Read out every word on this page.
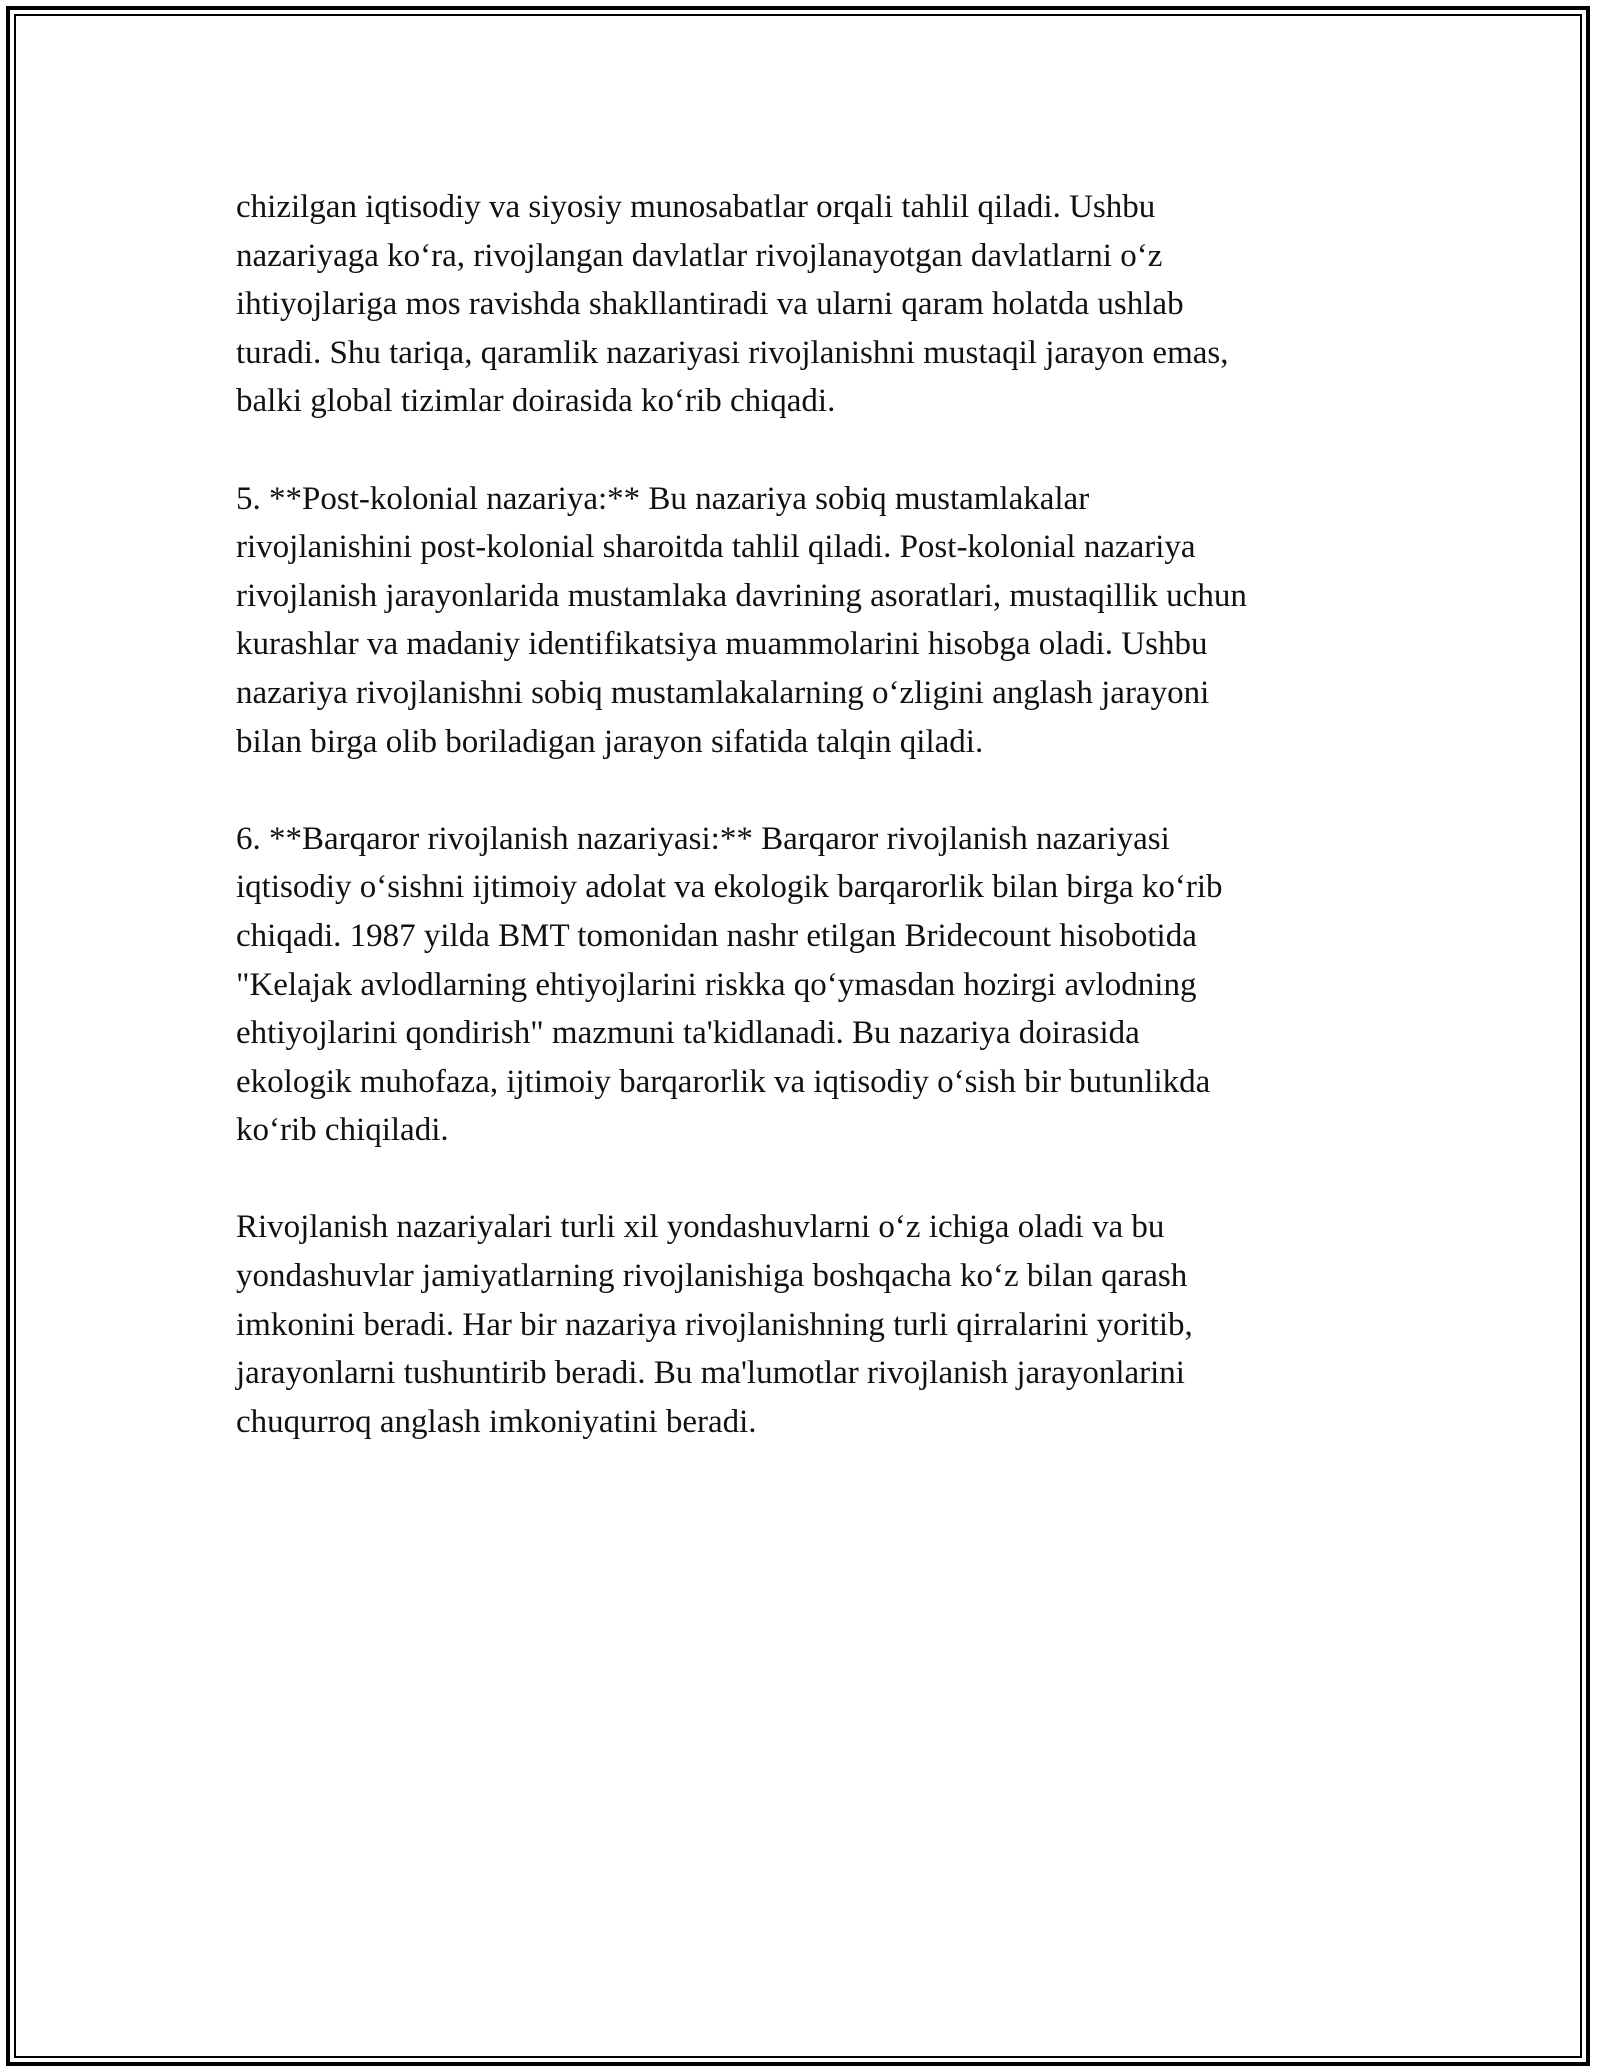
chizilgan iqtisodiy va siyosiy munosabatlar orqali tahlil qiladi. Ushbu
nazariyaga ko‘ra, rivojlangan davlatlar rivojlanayotgan davlatlarni o‘z
ihtiyojlariga mos ravishda shakllantiradi va ularni qaram holatda ushlab
turadi. Shu tariqa, qaramlik nazariyasi rivojlanishni mustaqil jarayon emas,
balki global tizimlar doirasida ko‘rib chiqadi.

5. **Post-kolonial nazariya:** Bu nazariya sobiq mustamlakalar
rivojlanishini post-kolonial sharoitda tahlil qiladi. Post-kolonial nazariya
rivojlanish jarayonlarida mustamlaka davrining asoratlari, mustaqillik uchun
kurashlar va madaniy identifikatsiya muammolarini hisobga oladi. Ushbu
nazariya rivojlanishni sobiq mustamlakalarning o‘zligini anglash jarayoni
bilan birga olib boriladigan jarayon sifatida talqin qiladi.

6. **Barqaror rivojlanish nazariyasi:** Barqaror rivojlanish nazariyasi
iqtisodiy o‘sishni ijtimoiy adolat va ekologik barqarorlik bilan birga ko‘rib
chiqadi. 1987 yilda BMT tomonidan nashr etilgan Bridecount hisobotida
"Kelajak avlodlarning ehtiyojlarini riskka qo‘ymasdan hozirgi avlodning
ehtiyojlarini qondirish" mazmuni ta'kidlanadi. Bu nazariya doirasida
ekologik muhofaza, ijtimoiy barqarorlik va iqtisodiy o‘sish bir butunlikda
ko‘rib chiqiladi.

Rivojlanish nazariyalari turli xil yondashuvlarni o‘z ichiga oladi va bu
yondashuvlar jamiyatlarning rivojlanishiga boshqacha ko‘z bilan qarash
imkonini beradi. Har bir nazariya rivojlanishning turli qirralarini yoritib,
jarayonlarni tushuntirib beradi. Bu ma'lumotlar rivojlanish jarayonlarini
chuqurroq anglash imkoniyatini beradi.
